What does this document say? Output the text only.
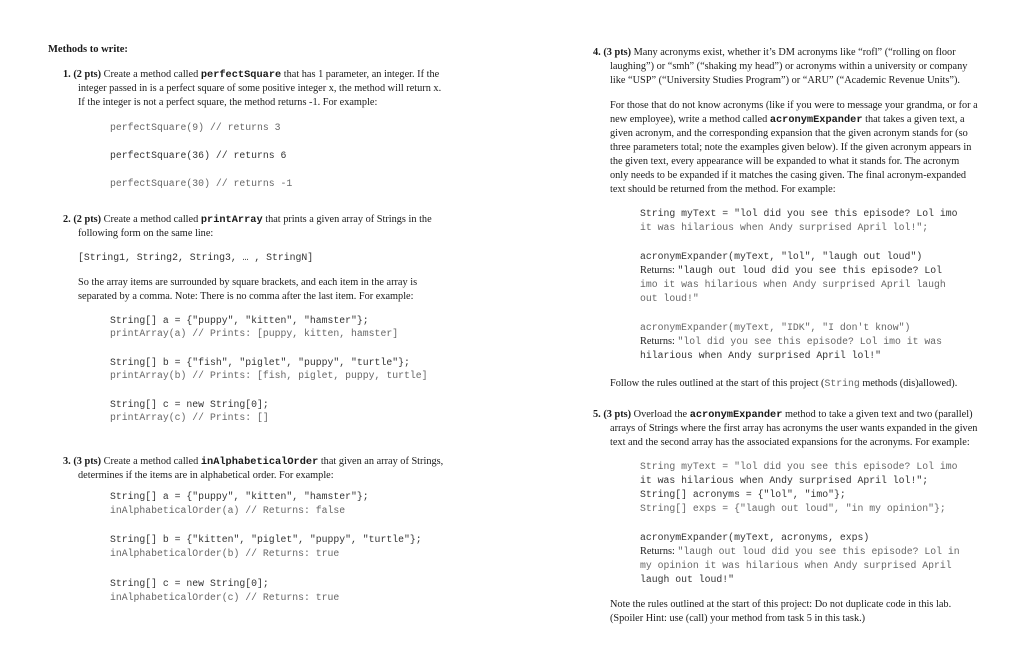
Methods to write:
1. (2 pts) Create a method called perfectSquare that has 1 parameter, an integer. If the
integer passed in is a perfect square of some positive integer x, the method will return x.
If the integer is not a perfect square, the method returns -1. For example:
perfectSquare(9) // returns 3
perfectSquare(36) // returns 6
perfectSquare(30) // returns -1
2. (2 pts) Create a method called printArray that prints a given array of Strings in the
following form on the same line:
[String1, String2, String3, … , StringN]
So the array items are surrounded by square brackets, and each item in the array is
separated by a comma. Note: There is no comma after the last item. For example:
String[] a = {"puppy", "kitten", "hamster"};
printArray(a) // Prints: [puppy, kitten, hamster]
String[] b = {"fish", "piglet", "puppy", "turtle"};
printArray(b) // Prints: [fish, piglet, puppy, turtle]
String[] c = new String[0];
printArray(c) // Prints: []
3. (3 pts) Create a method called inAlphabeticalOrder that given an array of Strings,
determines if the items are in alphabetical order. For example:
String[] a = {"puppy", "kitten", "hamster"};
inAlphabeticalOrder(a) // Returns: false
String[] b = {"kitten", "piglet", "puppy", "turtle"};
inAlphabeticalOrder(b) // Returns: true
String[] c = new String[0];
inAlphabeticalOrder(c) // Returns: true
4. (3 pts) Many acronyms exist, whether it’s DM acronyms like “rofl” (“rolling on floor
laughing”) or “smh” (“shaking my head”) or acronyms within a university or company
like “USP” (“University Studies Program”) or “ARU” (“Academic Revenue Units”).
For those that do not know acronyms (like if you were to message your grandma, or for a
new employee), write a method called acronymExpander that takes a given text, a
given acronym, and the corresponding expansion that the given acronym stands for (so
three parameters total; note the examples given below). If the given acronym appears in
the given text, every appearance will be expanded to what it stands for. The acronym
only needs to be expanded if it matches the casing given. The final acronym-expanded
text should be returned from the method. For example:
String myText = "lol did you see this episode? Lol imo
it was hilarious when Andy surprised April lol!";
acronymExpander(myText, "lol", "laugh out loud")
Returns: "laugh out loud did you see this episode? Lol
imo it was hilarious when Andy surprised April laugh
out loud!"
acronymExpander(myText, "IDK", "I don't know")
Returns: "lol did you see this episode? Lol imo it was
hilarious when Andy surprised April lol!"
Follow the rules outlined at the start of this project (String methods (dis)allowed).
5. (3 pts) Overload the acronymExpander method to take a given text and two (parallel)
arrays of Strings where the first array has acronyms the user wants expanded in the given
text and the second array has the associated expansions for the acronyms. For example:
String myText = "lol did you see this episode? Lol imo
it was hilarious when Andy surprised April lol!";
String[] acronyms = {"lol", "imo"};
String[] exps = {"laugh out loud", "in my opinion"};
acronymExpander(myText, acronyms, exps)
Returns: "laugh out loud did you see this episode? Lol in
my opinion it was hilarious when Andy surprised April
laugh out loud!"
Note the rules outlined at the start of this project: Do not duplicate code in this lab.
(Spoiler Hint: use (call) your method from task 5 in this task.)
